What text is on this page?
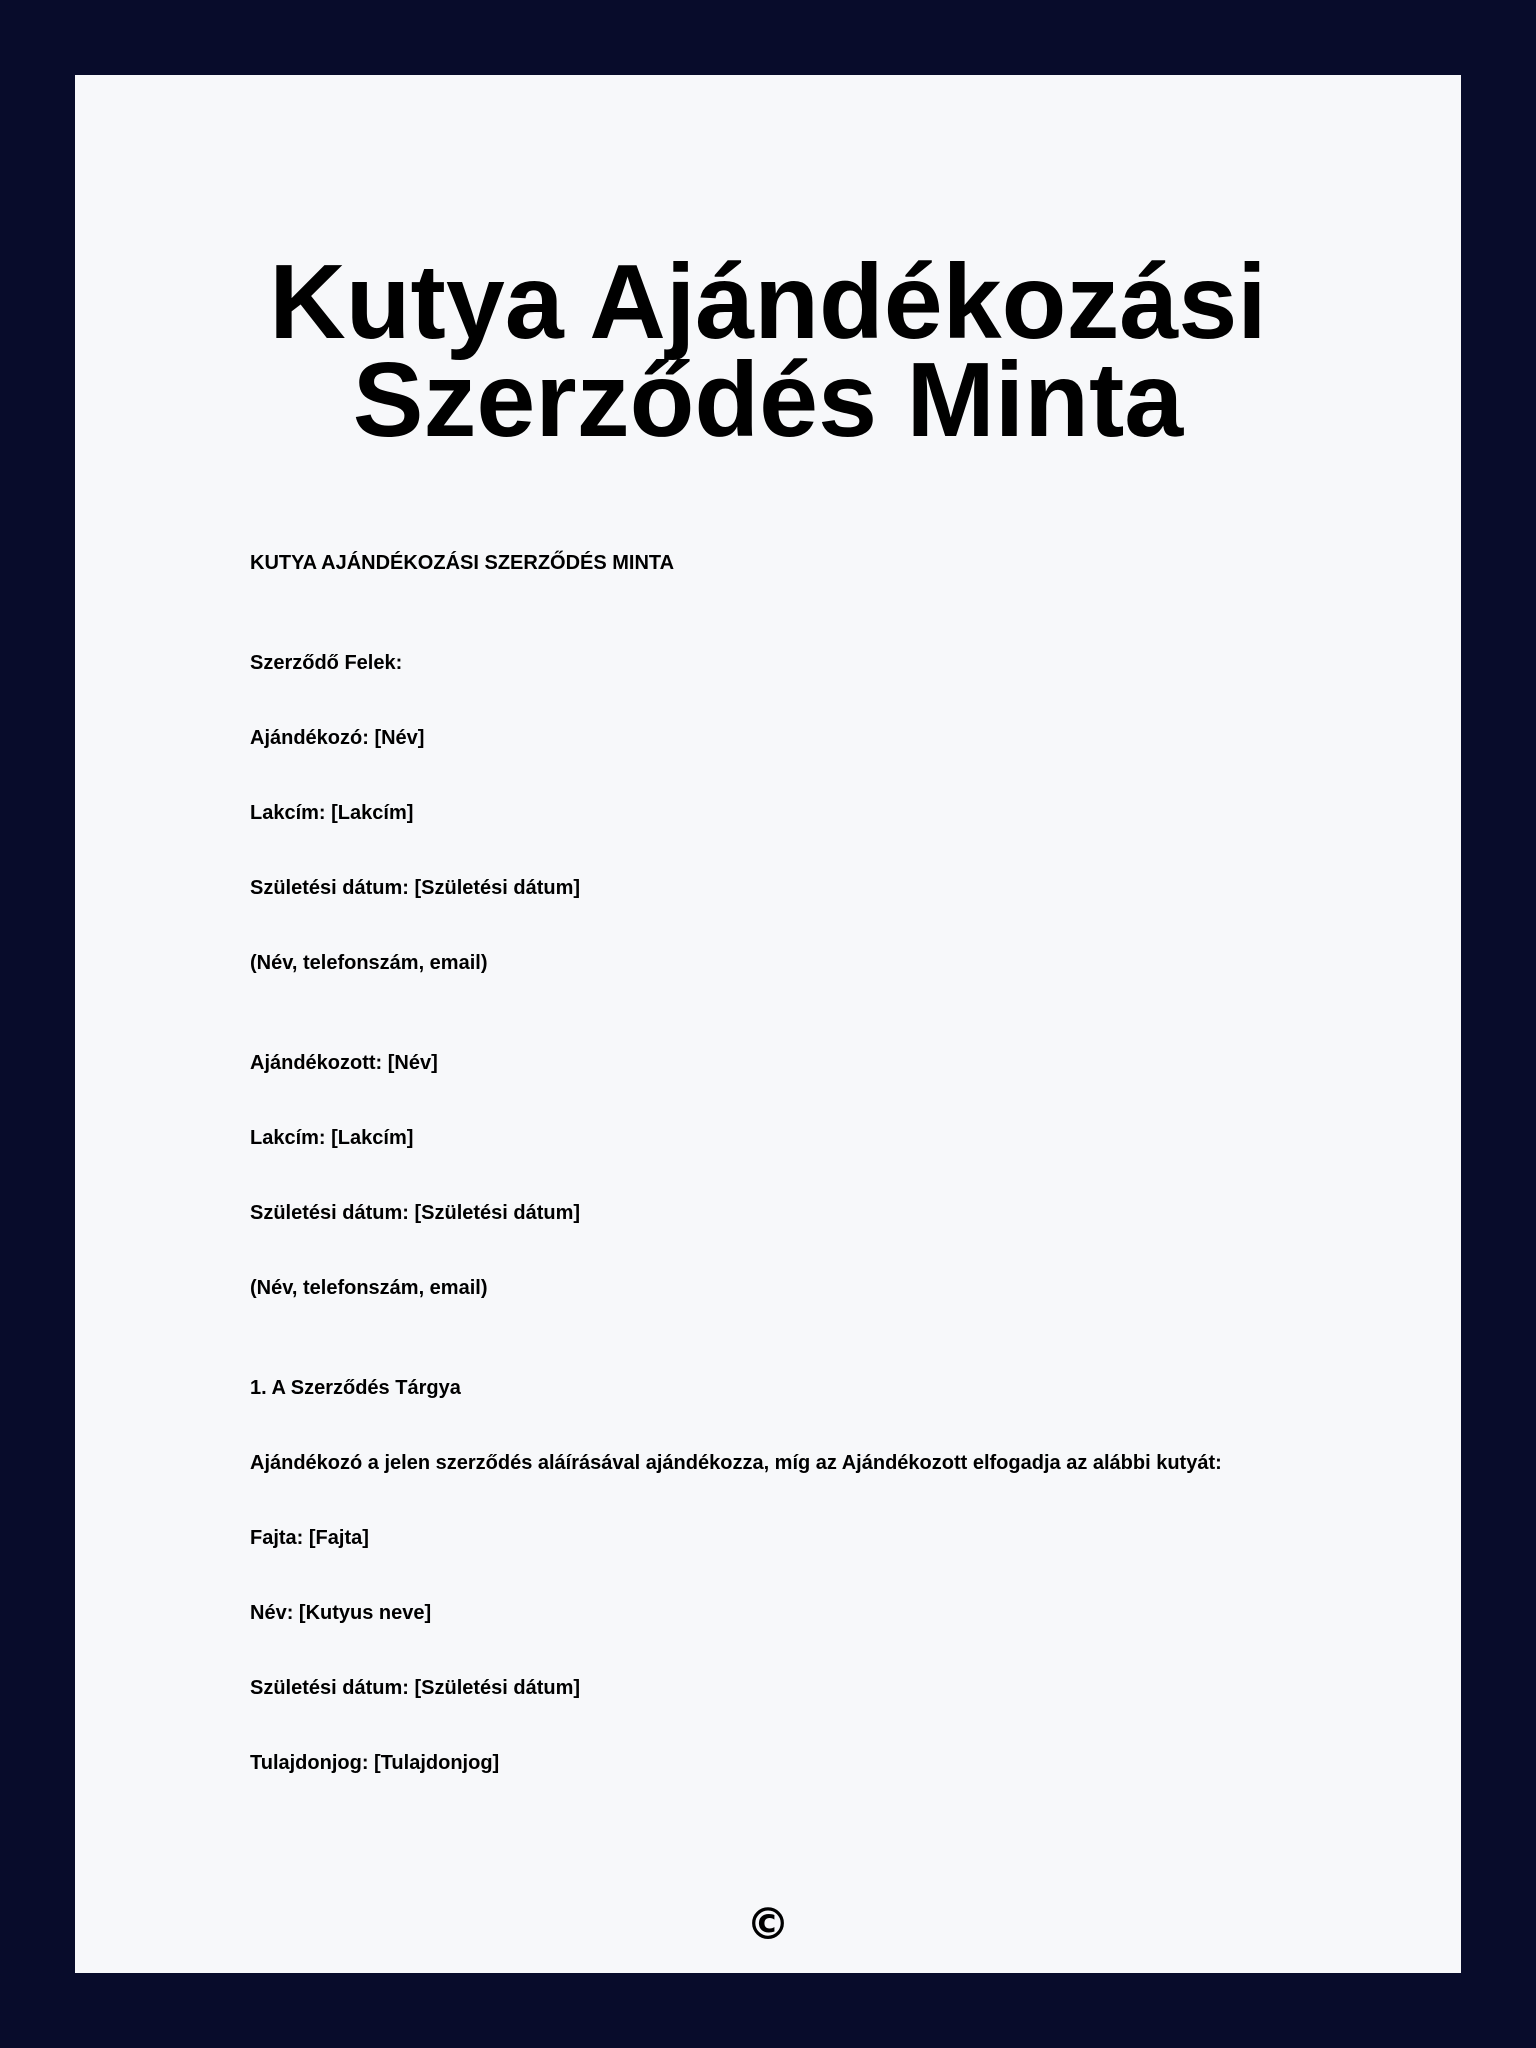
Kutya Ajándékozási
Szerződés Minta

KUTYA AJÁNDÉKOZÁSI SZERZŐDÉS MINTA

Szerződő Felek:

Ajándékozó: [Név]

Lakcím: [Lakcím]

Születési dátum: [Születési dátum]

(Név, telefonszám, email)

Ajándékozott: [Név]

Lakcím: [Lakcím]

Születési dátum: [Születési dátum]

(Név, telefonszám, email)

1. A Szerződés Tárgya

Ajándékozó a jelen szerződés aláírásával ajándékozza, míg az Ajándékozott elfogadja az alábbi kutyát:

Fajta: [Fajta]

Név: [Kutyus neve]

Születési dátum: [Születési dátum]

Tulajdonjog: [Tulajdonjog]

©
